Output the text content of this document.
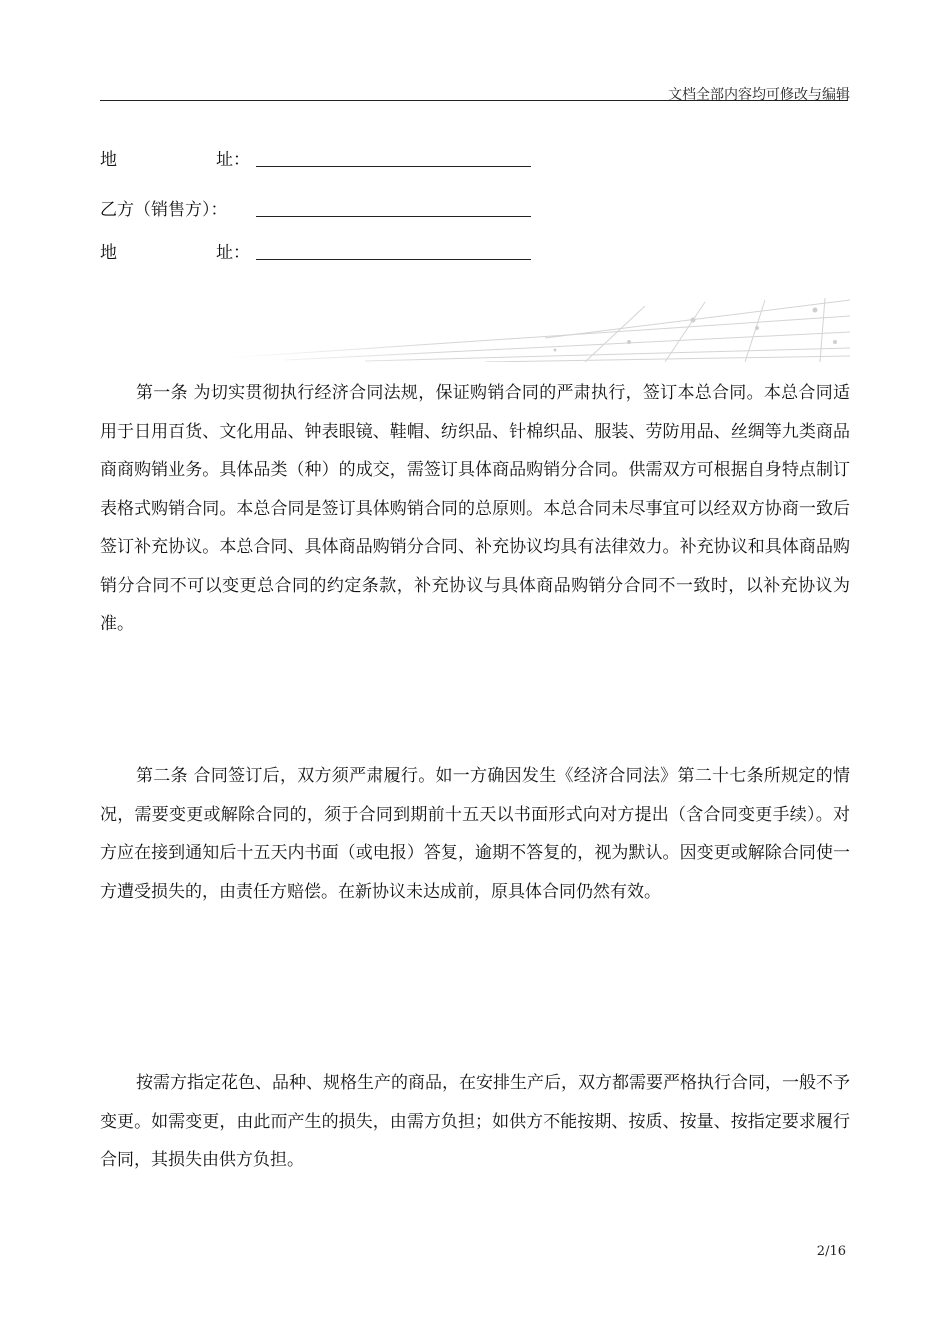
文档全部内容均可修改与编辑
地	址：
乙方（销售方）：
地	址：

第一条 为切实贯彻执行经济合同法规，保证购销合同的严肃执行，签订本总合同。本总合同适用于日用百货、文化用品、钟表眼镜、鞋帽、纺织品、针棉织品、服装、劳防用品、丝绸等九类商品商商购销业务。具体品类（种）的成交，需签订具体商品购销分合同。供需双方可根据自身特点制订表格式购销合同。本总合同是签订具体购销合同的总原则。本总合同未尽事宜可以经双方协商一致后签订补充协议。本总合同、具体商品购销分合同、补充协议均具有法律效力。补充协议和具体商品购销分合同不可以变更总合同的约定条款，补充协议与具体商品购销分合同不一致时，以补充协议为准。

第二条 合同签订后，双方须严肃履行。如一方确因发生《经济合同法》第二十七条所规定的情况，需要变更或解除合同的，须于合同到期前十五天以书面形式向对方提出（含合同变更手续）。对方应在接到通知后十五天内书面（或电报）答复，逾期不答复的，视为默认。因变更或解除合同使一方遭受损失的，由责任方赔偿。在新协议未达成前，原具体合同仍然有效。

按需方指定花色、品种、规格生产的商品，在安排生产后，双方都需要严格执行合同，一般不予变更。如需变更，由此而产生的损失，由需方负担；如供方不能按期、按质、按量、按指定要求履行合同，其损失由供方负担。

2/16
